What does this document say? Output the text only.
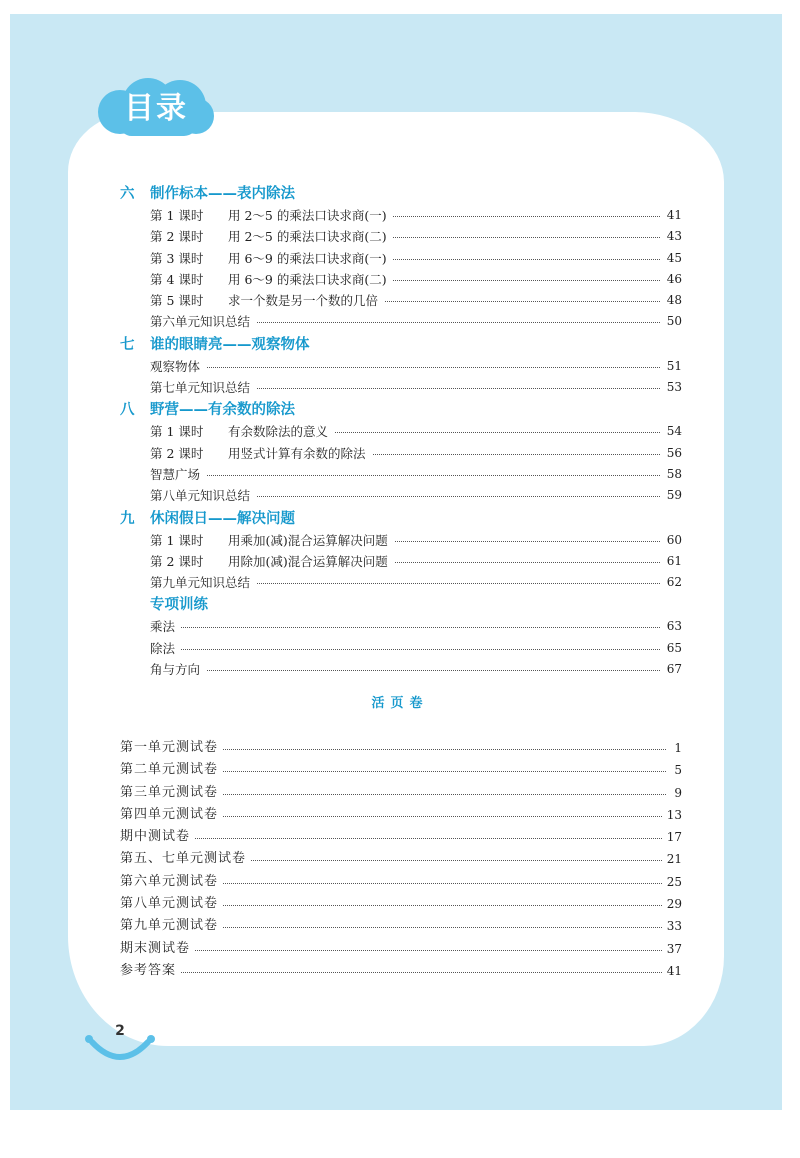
目录
六 制作标本——表内除法
第 1 课时 用 2～5 的乘法口诀求商(一)	41
第 2 课时 用 2～5 的乘法口诀求商(二)	43
第 3 课时 用 6～9 的乘法口诀求商(一)	45
第 4 课时 用 6～9 的乘法口诀求商(二)	46
第 5 课时 求一个数是另一个数的几倍	48
第六单元知识总结	50
七 谁的眼睛亮——观察物体
观察物体	51
第七单元知识总结	53
八 野营——有余数的除法
第 1 课时 有余数除法的意义	54
第 2 课时 用竖式计算有余数的除法	56
智慧广场	58
第八单元知识总结	59
九 休闲假日——解决问题
第 1 课时 用乘加(减)混合运算解决问题	60
第 2 课时 用除加(减)混合运算解决问题	61
第九单元知识总结	62
专项训练
乘法	63
除法	65
角与方向	67
活页卷
第一单元测试卷	1
第二单元测试卷	5
第三单元测试卷	9
第四单元测试卷	13
期中测试卷	17
第五、七单元测试卷	21
第六单元测试卷	25
第八单元测试卷	29
第九单元测试卷	33
期末测试卷	37
参考答案	41
2
